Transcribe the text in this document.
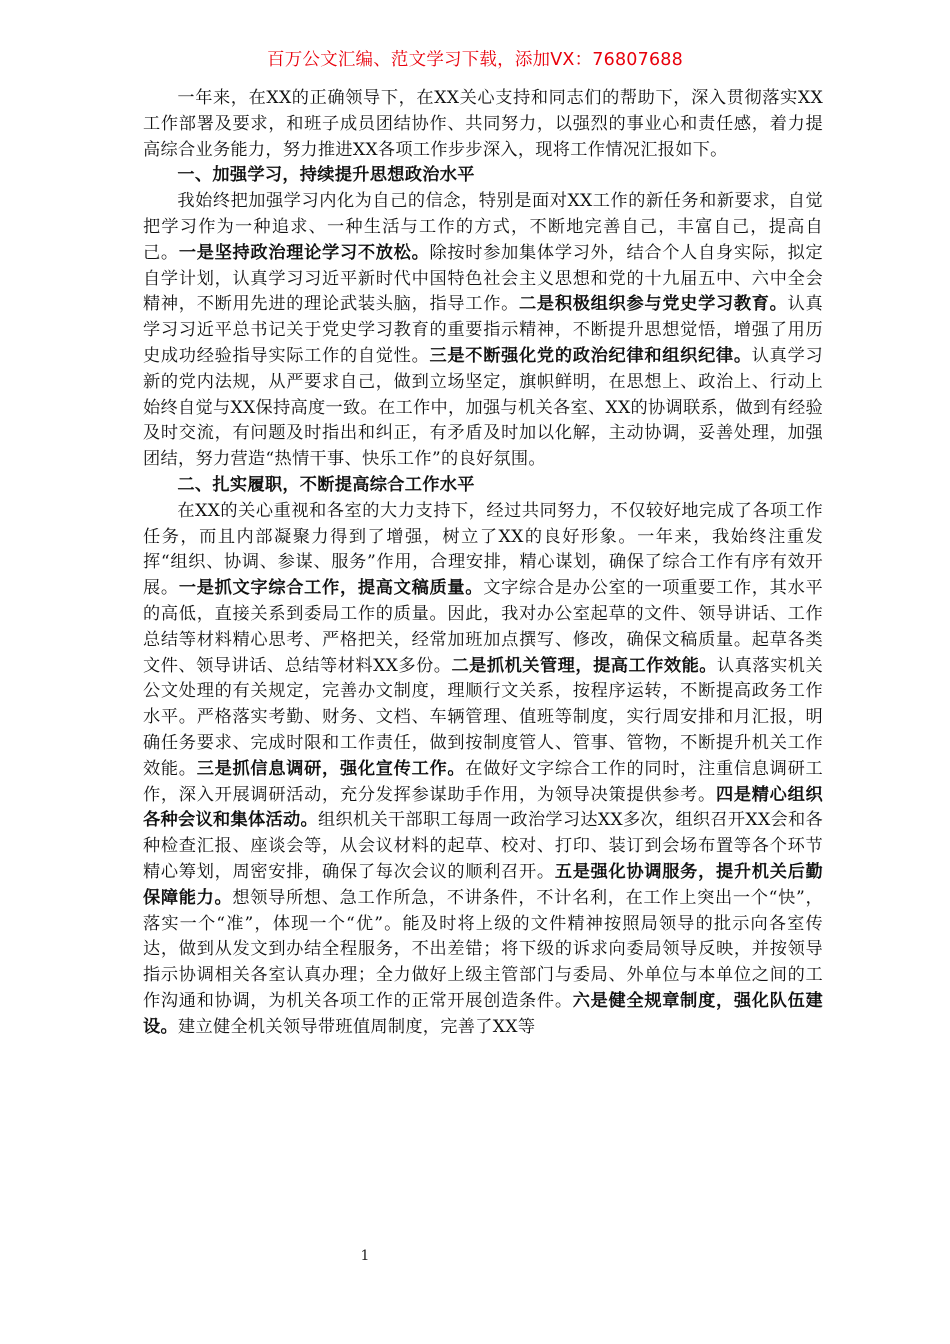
百万公文汇编、范文学习下载，添加VX：76807688

一年来，在XX的正确领导下，在XX关心支持和同志们的帮助下，深入贯彻落实XX工作部署及要求，和班子成员团结协作、共同努力，以强烈的事业心和责任感，着力提高综合业务能力，努力推进XX各项工作步步深入，现将工作情况汇报如下。

一、加强学习，持续提升思想政治水平

我始终把加强学习内化为自己的信念，特别是面对XX工作的新任务和新要求，自觉把学习作为一种追求、一种生活与工作的方式，不断地完善自己，丰富自己，提高自己。一是坚持政治理论学习不放松。除按时参加集体学习外，结合个人自身实际，拟定自学计划，认真学习习近平新时代中国特色社会主义思想和党的十九届五中、六中全会精神，不断用先进的理论武装头脑，指导工作。二是积极组织参与党史学习教育。认真学习习近平总书记关于党史学习教育的重要指示精神，不断提升思想觉悟，增强了用历史成功经验指导实际工作的自觉性。三是不断强化党的政治纪律和组织纪律。认真学习新的党内法规，从严要求自己，做到立场坚定，旗帜鲜明，在思想上、政治上、行动上始终自觉与XX保持高度一致。在工作中，加强与机关各室、XX的协调联系，做到有经验及时交流，有问题及时指出和纠正，有矛盾及时加以化解，主动协调，妥善处理，加强团结，努力营造“热情干事、快乐工作”的良好氛围。

二、扎实履职，不断提高综合工作水平

在XX的关心重视和各室的大力支持下，经过共同努力，不仅较好地完成了各项工作任务，而且内部凝聚力得到了增强，树立了XX的良好形象。一年来，我始终注重发挥“组织、协调、参谋、服务”作用，合理安排，精心谋划，确保了综合工作有序有效开展。一是抓文字综合工作，提高文稿质量。文字综合是办公室的一项重要工作，其水平的高低，直接关系到委局工作的质量。因此，我对办公室起草的文件、领导讲话、工作总结等材料精心思考、严格把关，经常加班加点撰写、修改，确保文稿质量。起草各类文件、领导讲话、总结等材料XX多份。二是抓机关管理，提高工作效能。认真落实机关公文处理的有关规定，完善办文制度，理顺行文关系，按程序运转，不断提高政务工作水平。严格落实考勤、财务、文档、车辆管理、值班等制度，实行周安排和月汇报，明确任务要求、完成时限和工作责任，做到按制度管人、管事、管物，不断提升机关工作效能。三是抓信息调研，强化宣传工作。在做好文字综合工作的同时，注重信息调研工作，深入开展调研活动，充分发挥参谋助手作用，为领导决策提供参考。四是精心组织各种会议和集体活动。组织机关干部职工每周一政治学习达XX多次，组织召开XX会和各种检查汇报、座谈会等，从会议材料的起草、校对、打印、装订到会场布置等各个环节精心筹划，周密安排，确保了每次会议的顺利召开。五是强化协调服务，提升机关后勤保障能力。想领导所想、急工作所急，不讲条件，不计名利，在工作上突出一个“快”，落实一个“准”，体现一个“优”。能及时将上级的文件精神按照局领导的批示向各室传达，做到从发文到办结全程服务，不出差错；将下级的诉求向委局领导反映，并按领导指示协调相关各室认真办理；全力做好上级主管部门与委局、外单位与本单位之间的工作沟通和协调，为机关各项工作的正常开展创造条件。六是健全规章制度，强化队伍建设。建立健全机关领导带班值周制度，完善了XX等

1
